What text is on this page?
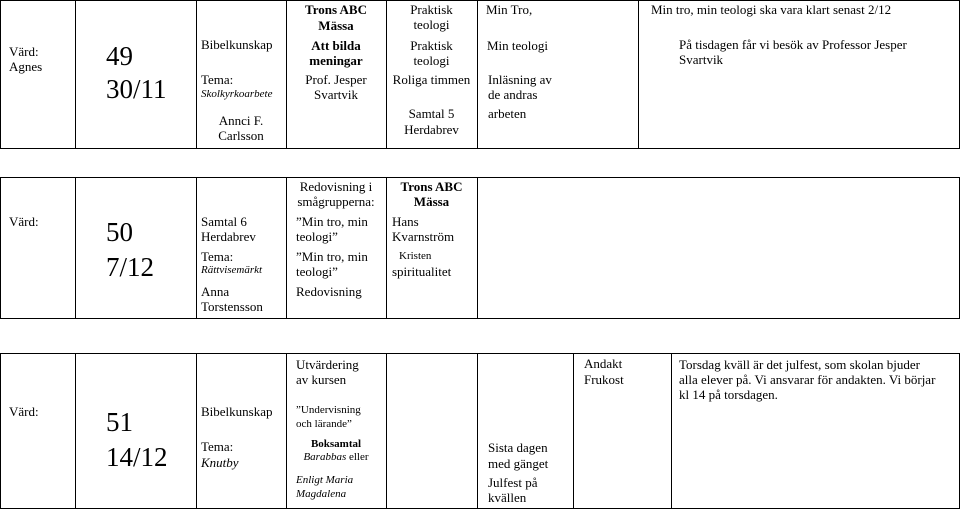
Värd:
Agnes 49
30/11
Bibelkunskap
Tema:
Skolkyrkoarbete
Annci F.
Carlsson
Trons ABC
Mässa
Att bilda
meningar
Prof. Jesper
Svartvik
Praktisk
teologi
Praktisk
teologi
Roliga timmen
Samtal 5
Herdabrev
Min Tro,
Min teologi
Inläsning av
de andras
arbeten
Min tro, min teologi ska vara klart senast 2/12
På tisdagen får vi besök av Professor Jesper
Svartvik
Värd: 50
7/12
Samtal 6
Herdabrev
Tema:
Rättvisemärkt
Anna
Torstensson
Redovisning i
smågrupperna:
”Min tro, min
teologi”
”Min tro, min
teologi”
Redovisning
Trons ABC
Mässa
Hans
Kvarnström
Kristen
spiritualitet
Värd: 51
14/12
Bibelkunskap
Tema:
Knutby
Utvärdering
av kursen
”Undervisning
och lärande”
Boksamtal
Barabbas eller
Enligt Maria
Magdalena
Sista dagen
med gänget
Julfest på
kvällen
Andakt
Frukost
Torsdag kväll är det julfest, som skolan bjuder
alla elever på. Vi ansvarar för andakten. Vi börjar
kl 14 på torsdagen.
